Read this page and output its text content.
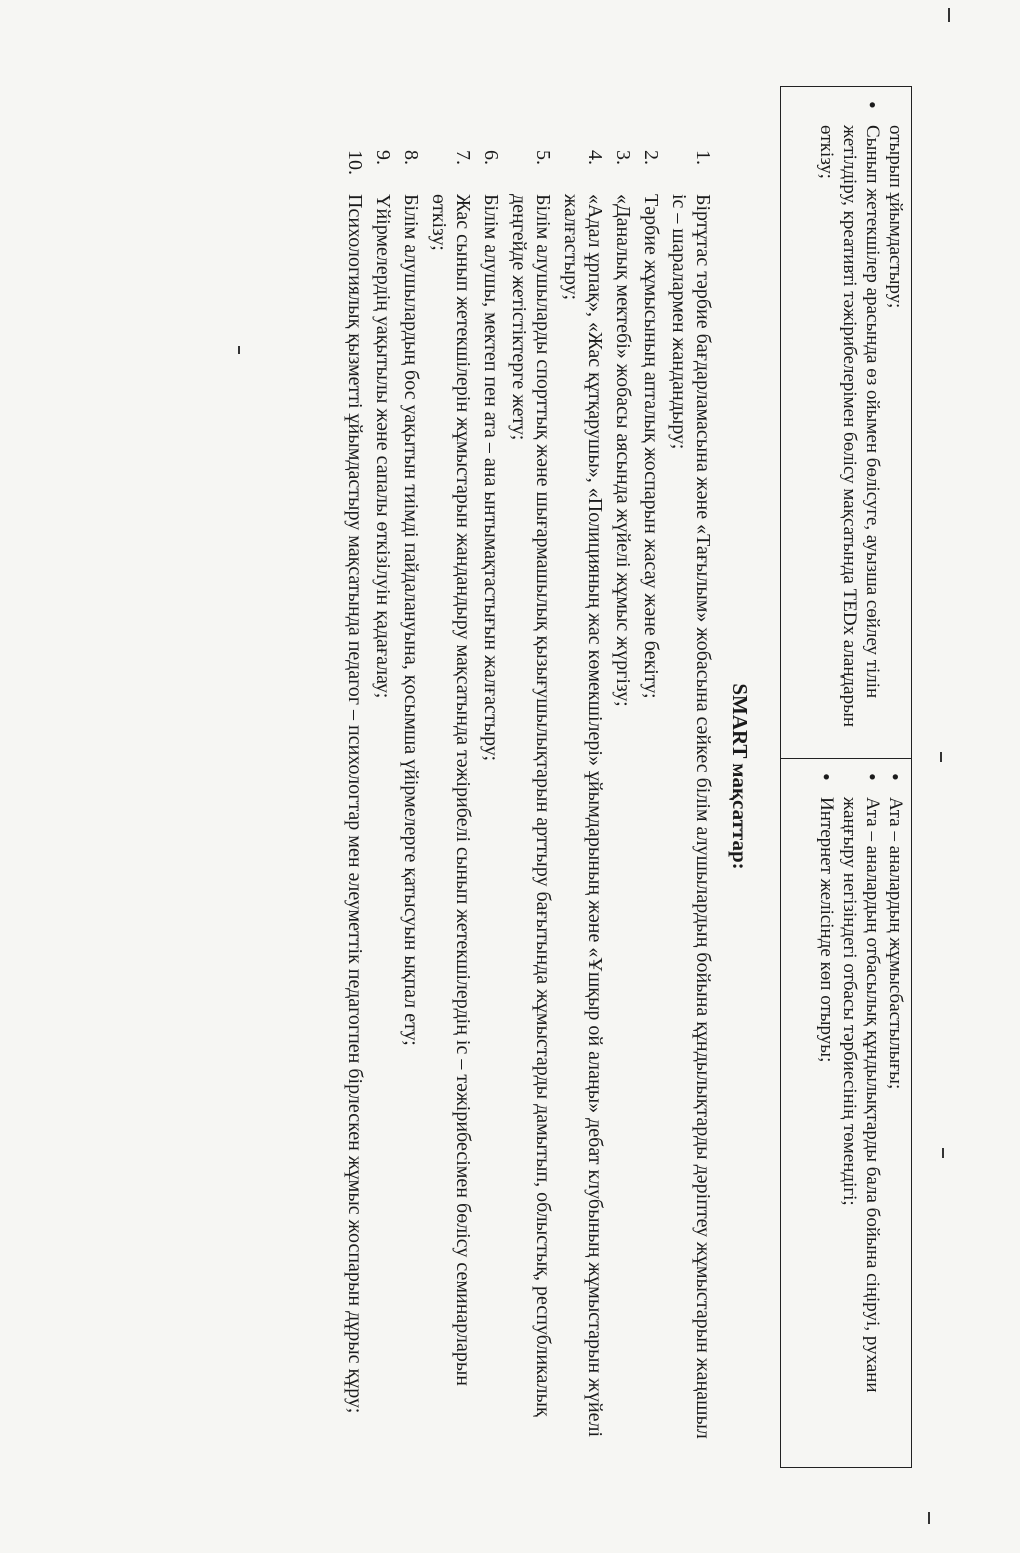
отырып ұйымдастыру;

• Сынып жетекшілер арасында өз ойымен бөлісуге, ауызша сөйлеу тілін жетілдіру, креативті тәжірибелерімен бөлісу мақсатында TEDx алаңдарын өткізу;
• Ата – аналардың жұмысбастылығы;
• Ата – аналардың отбасылық құндылықтарды бала бойына сіңіруі, рухани жаңғыру негізіндегі отбасы тәрбиесінің төмендігі;
• Интернет желісінде көп отыруы;
SMART мақсаттар:
1.
Біртұтас тәрбие бағдарламасына және «Тағылым» жобасына сәйкес білім алушылардың бойына құндылықтарды дәріптеу жұмыстарын жаңашыл іс – шаралармен жандандыру;
2.
Тәрбие жұмысының апталық жоспарын жасау және бекіту;
3.
«Даналық мектебі» жобасы аясында жүйелі жұмыс жүргізу;
4.
«Адал ұрпақ», «Жас құтқарушы», «Полицияның жас көмекшілері» ұйымдарының және «Ұшқыр ой алаңы» дебат клубының жұмыстарын жүйелі жалғастыру;
5.
Білім алушыларды спорттық және шығармашылық қызығушылықтарын арттыру бағытында жұмыстарды дамытып, облыстық, республикалық деңгейде жетістіктерге жету;
6.
Білім алушы, мектеп пен ата – ана ынтымақтастығын жалғастыру;
7.
Жас сынып жетекшілерін жұмыстарын жандандыру мақсатында тәжірибелі сынып жетекшілердің іс – тәжірибесімен бөлісу семинарларын өткізу;
8.
Білім алушылардың бос уақытын тиімді пайдалануына, қосымша үйірмелерге қатысуын ықпал ету;
9.
Үйірмелердің уақытылы және сапалы өткізілуін қадағалау;
10.
Психологиялық қызметті ұйымдастыру мақсатында педагог – психологтар мен әлеуметтік педагогпен бірлескен жұмыс жоспарын дұрыс құру;
